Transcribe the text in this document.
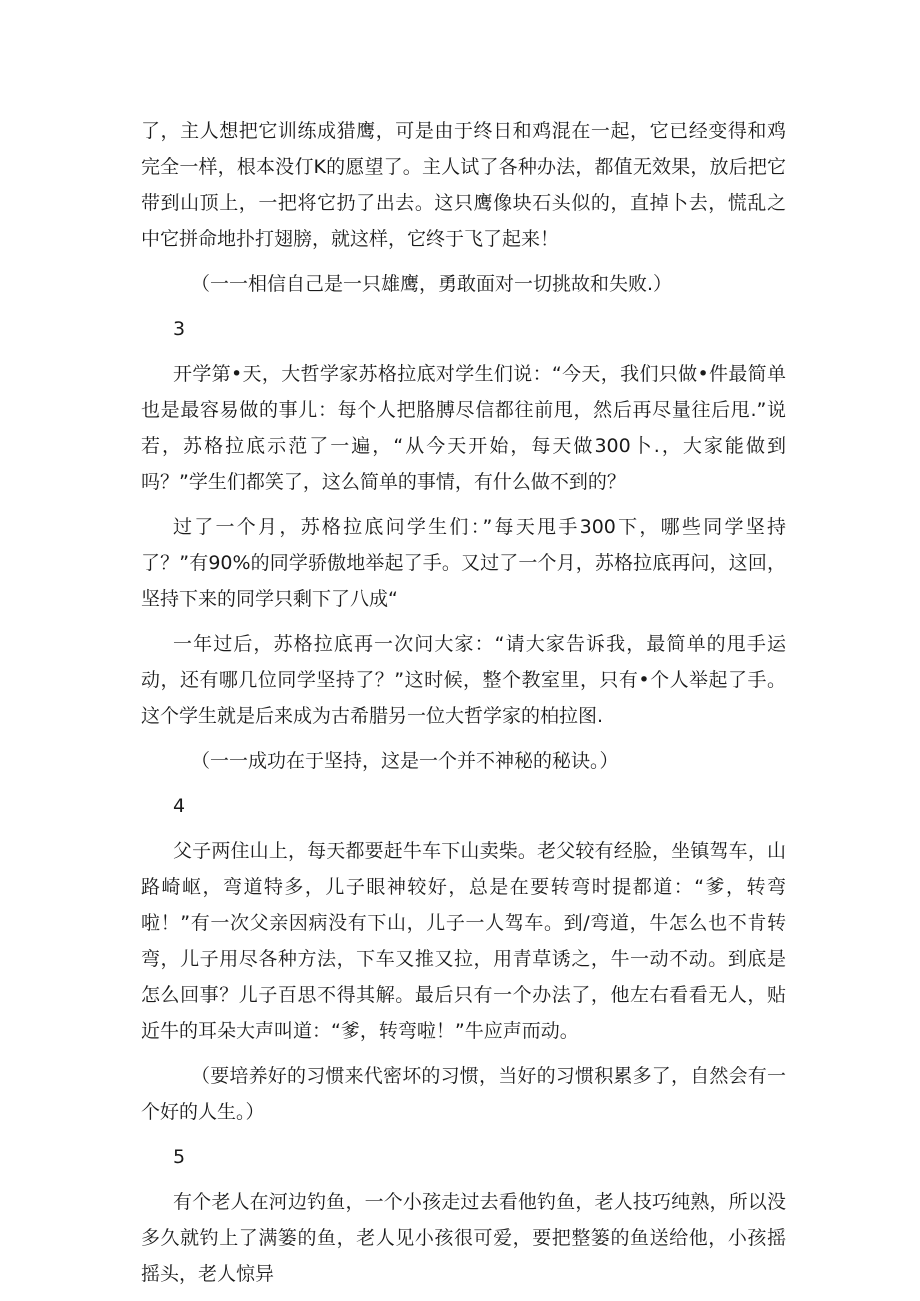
了，主人想把它训练成猎鹰，可是由于终日和鸡混在一起，它已经变得和鸡完全一样，根本没仃K的愿望了。主人试了各种办法，都值无效果，放后把它带到山顶上，一把将它扔了出去。这只鹰像块石头似的，直掉卜去，慌乱之中它拼命地扑打翅膀，就这样，它终于飞了起来！

（一一相信自己是一只雄鹰，勇敢面对一切挑故和失败.）

3

开学第•天，大哲学家苏格拉底对学生们说：“今天，我们只做•件最简单也是最容易做的事儿：每个人把胳膊尽信都往前甩，然后再尽量往后甩.”说若，苏格拉底示范了一遍，“从今天开始，每天做300卜.，大家能做到吗？”学生们都笑了，这么简单的事情，有什么做不到的？

过了一个月，苏格拉底问学生们：”每天甩手300下，哪些同学坚持了？”有90%的同学骄傲地举起了手。又过了一个月，苏格拉底再问，这回，坚持下来的同学只剩下了八成“

一年过后，苏格拉底再一次问大家：“请大家告诉我，最简单的甩手运动，还有哪几位同学坚持了？”这时候，整个教室里，只有•个人举起了手。这个学生就是后来成为古希腊另一位大哲学家的柏拉图.

（一一成功在于坚持，这是一个并不神秘的秘诀。）

4

父子两住山上，每天都要赶牛车下山卖柴。老父较有经脸，坐镇驾车，山路崎岖，弯道特多，儿子眼神较好，总是在要转弯时提都道：“爹，转弯啦！”有一次父亲因病没有下山，儿子一人驾车。到/弯道，牛怎么也不肯转弯，儿子用尽各种方法，下车又推又拉，用青草诱之，牛一动不动。到底是怎么回事？儿子百思不得其解。最后只有一个办法了，他左右看看无人，贴近牛的耳朵大声叫道：“爹，转弯啦！”牛应声而动。

（要培养好的习惯来代密坏的习惯，当好的习惯积累多了，自然会有一个好的人生。）

5

有个老人在河边钓鱼，一个小孩走过去看他钓鱼，老人技巧纯熟，所以没多久就钓上了满篓的鱼，老人见小孩很可爱，要把整篓的鱼送给他，小孩摇摇头，老人惊异
